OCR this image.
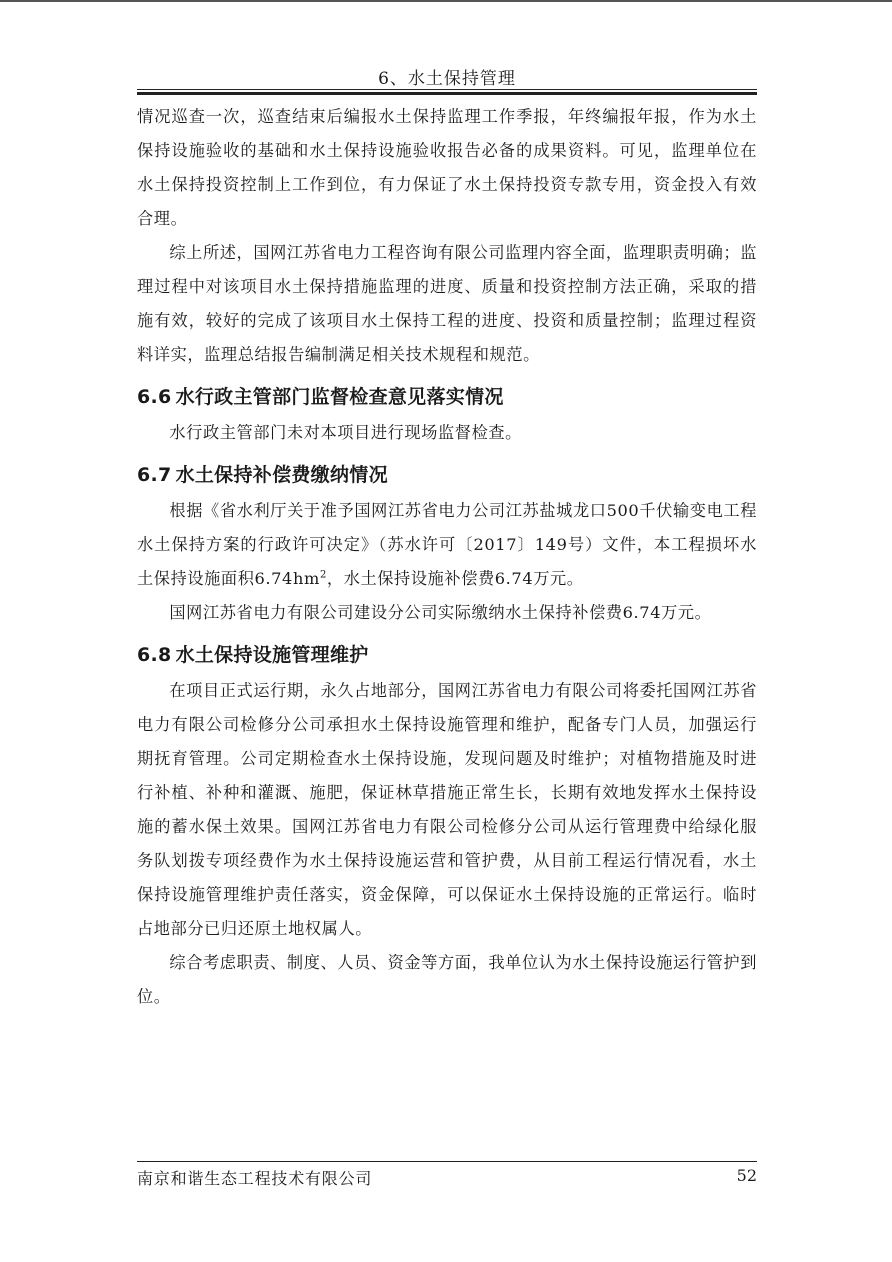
6、水土保持管理

情况巡查一次，巡查结束后编报水土保持监理工作季报，年终编报年报，作为水土保持设施验收的基础和水土保持设施验收报告必备的成果资料。可见，监理单位在水土保持投资控制上工作到位，有力保证了水土保持投资专款专用，资金投入有效合理。

综上所述，国网江苏省电力工程咨询有限公司监理内容全面，监理职责明确；监理过程中对该项目水土保持措施监理的进度、质量和投资控制方法正确，采取的措施有效，较好的完成了该项目水土保持工程的进度、投资和质量控制；监理过程资料详实，监理总结报告编制满足相关技术规程和规范。

6.6 水行政主管部门监督检查意见落实情况

水行政主管部门未对本项目进行现场监督检查。

6.7 水土保持补偿费缴纳情况

根据《省水利厅关于准予国网江苏省电力公司江苏盐城龙口500千伏输变电工程水土保持方案的行政许可决定》（苏水许可〔2017〕149号）文件，本工程损坏水土保持设施面积$6.74hm^2$，水土保持设施补偿费6.74万元。

国网江苏省电力有限公司建设分公司实际缴纳水土保持补偿费6.74万元。

6.8 水土保持设施管理维护

在项目正式运行期，永久占地部分，国网江苏省电力有限公司将委托国网江苏省电力有限公司检修分公司承担水土保持设施管理和维护，配备专门人员，加强运行期抚育管理。公司定期检查水土保持设施，发现问题及时维护；对植物措施及时进行补植、补种和灌溉、施肥，保证林草措施正常生长，长期有效地发挥水土保持设施的蓄水保土效果。国网江苏省电力有限公司检修分公司从运行管理费中给绿化服务队划拨专项经费作为水土保持设施运营和管护费，从目前工程运行情况看，水土保持设施管理维护责任落实，资金保障，可以保证水土保持设施的正常运行。临时占地部分已归还原土地权属人。

综合考虑职责、制度、人员、资金等方面，我单位认为水土保持设施运行管护到位。

南京和谐生态工程技术有限公司	52
